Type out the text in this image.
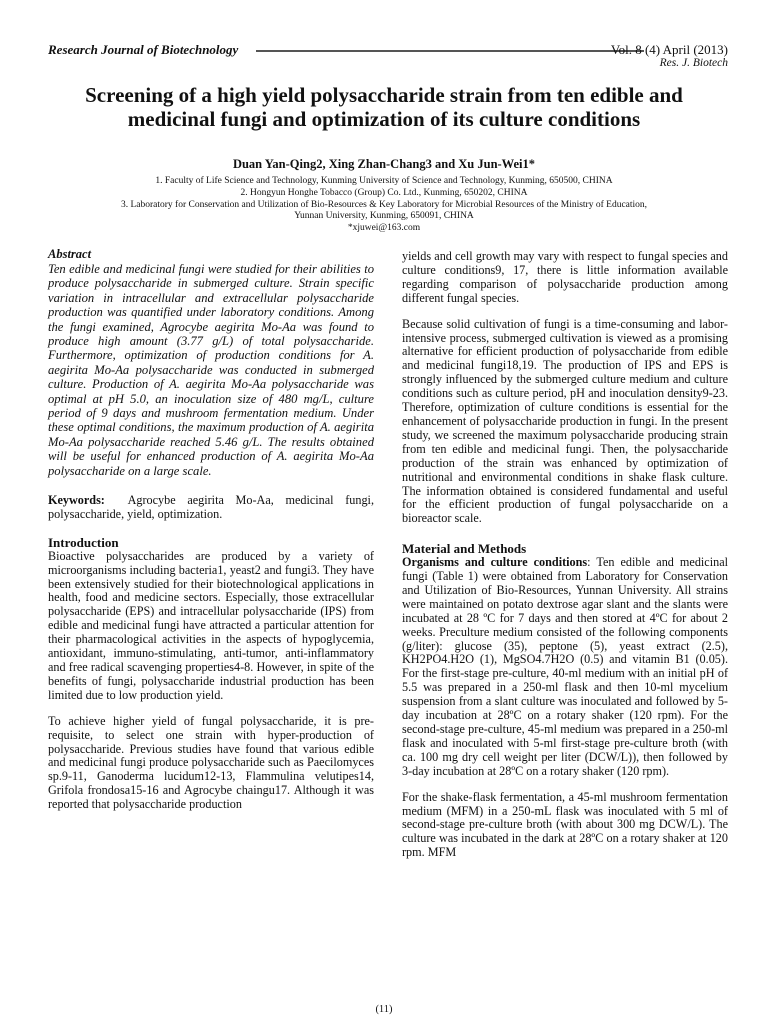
Research Journal of Biotechnology	Vol. 8 (4) April (2013)
Res. J. Biotech
Screening of a high yield polysaccharide strain from ten edible and medicinal fungi and optimization of its culture conditions
Duan Yan-Qing2, Xing Zhan-Chang3 and Xu Jun-Wei1*
1. Faculty of Life Science and Technology, Kunming University of Science and Technology, Kunming, 650500, CHINA
2. Hongyun Honghe Tobacco (Group) Co. Ltd., Kunming, 650202, CHINA
3. Laboratory for Conservation and Utilization of Bio-Resources & Key Laboratory for Microbial Resources of the Ministry of Education,
Yunnan University, Kunming, 650091, CHINA
*xjuwei@163.com

Abstract

Ten edible and medicinal fungi were studied for their abilities to produce polysaccharide in submerged culture. Strain specific variation in intracellular and extracellular polysaccharide production was quantified under laboratory conditions. Among the fungi examined, Agrocybe aegirita Mo-Aa was found to produce high amount (3.77 g/L) of total polysaccharide. Furthermore, optimization of production conditions for A. aegirita Mo-Aa polysaccharide was conducted in submerged culture. Production of A. aegirita Mo-Aa polysaccharide was optimal at pH 5.0, an inoculation size of 480 mg/L, culture period of 9 days and mushroom fermentation medium. Under these optimal conditions, the maximum production of A. aegirita Mo-Aa polysaccharide reached 5.46 g/L. The results obtained will be useful for enhanced production of A. aegirita Mo-Aa polysaccharide on a large scale.

Keywords: Agrocybe aegirita Mo-Aa, medicinal fungi, polysaccharide, yield, optimization.

Introduction

Bioactive polysaccharides are produced by a variety of microorganisms including bacteria1, yeast2 and fungi3. They have been extensively studied for their biotechnological applications in health, food and medicine sectors. Especially, those extracellular polysaccharide (EPS) and intracellular polysaccharide (IPS) from edible and medicinal fungi have attracted a particular attention for their pharmacological activities in the aspects of hypoglycemia, antioxidant, immuno-stimulating, anti-tumor, anti-inflammatory and free radical scavenging properties4-8. However, in spite of the benefits of fungi, polysaccharide industrial production has been limited due to low production yield.

To achieve higher yield of fungal polysaccharide, it is pre-requisite, to select one strain with hyper-production of polysaccharide. Previous studies have found that various edible and medicinal fungi produce polysaccharide such as Paecilomyces sp.9-11, Ganoderma lucidum12-13, Flammulina velutipes14, Grifola frondosa15-16 and Agrocybe chaingu17. Although it was reported that polysaccharide production

yields and cell growth may vary with respect to fungal species and culture conditions9, 17, there is little information available regarding comparison of polysaccharide production among different fungal species.

Because solid cultivation of fungi is a time-consuming and labor-intensive process, submerged cultivation is viewed as a promising alternative for efficient production of polysaccharide from edible and medicinal fungi18,19. The production of IPS and EPS is strongly influenced by the submerged culture medium and culture conditions such as culture period, pH and inoculation density9-23. Therefore, optimization of culture conditions is essential for the enhancement of polysaccharide production in fungi. In the present study, we screened the maximum polysaccharide producing strain from ten edible and medicinal fungi. Then, the polysaccharide production of the strain was enhanced by optimization of nutritional and environmental conditions in shake flask culture. The information obtained is considered fundamental and useful for the efficient production of fungal polysaccharide on a bioreactor scale.

Material and Methods

Organisms and culture conditions: Ten edible and medicinal fungi (Table 1) were obtained from Laboratory for Conservation and Utilization of Bio-Resources, Yunnan University. All strains were maintained on potato dextrose agar slant and the slants were incubated at 28 ºC for 7 days and then stored at 4ºC for about 2 weeks. Preculture medium consisted of the following components (g/liter): glucose (35), peptone (5), yeast extract (2.5), KH2PO4.H2O (1), MgSO4.7H2O (0.5) and vitamin B1 (0.05). For the first-stage pre-culture, 40-ml medium with an initial pH of 5.5 was prepared in a 250-ml flask and then 10-ml mycelium suspension from a slant culture was inoculated and followed by 5-day incubation at 28ºC on a rotary shaker (120 rpm). For the second-stage pre-culture, 45-ml medium was prepared in a 250-ml flask and inoculated with 5-ml first-stage pre-culture broth (with ca. 100 mg dry cell weight per liter (DCW/L)), then followed by 3-day incubation at 28ºC on a rotary shaker (120 rpm).

For the shake-flask fermentation, a 45-ml mushroom fermentation medium (MFM) in a 250-mL flask was inoculated with 5 ml of second-stage pre-culture broth (with about 300 mg DCW/L). The culture was incubated in the dark at 28ºC on a rotary shaker at 120 rpm. MFM

(11)
